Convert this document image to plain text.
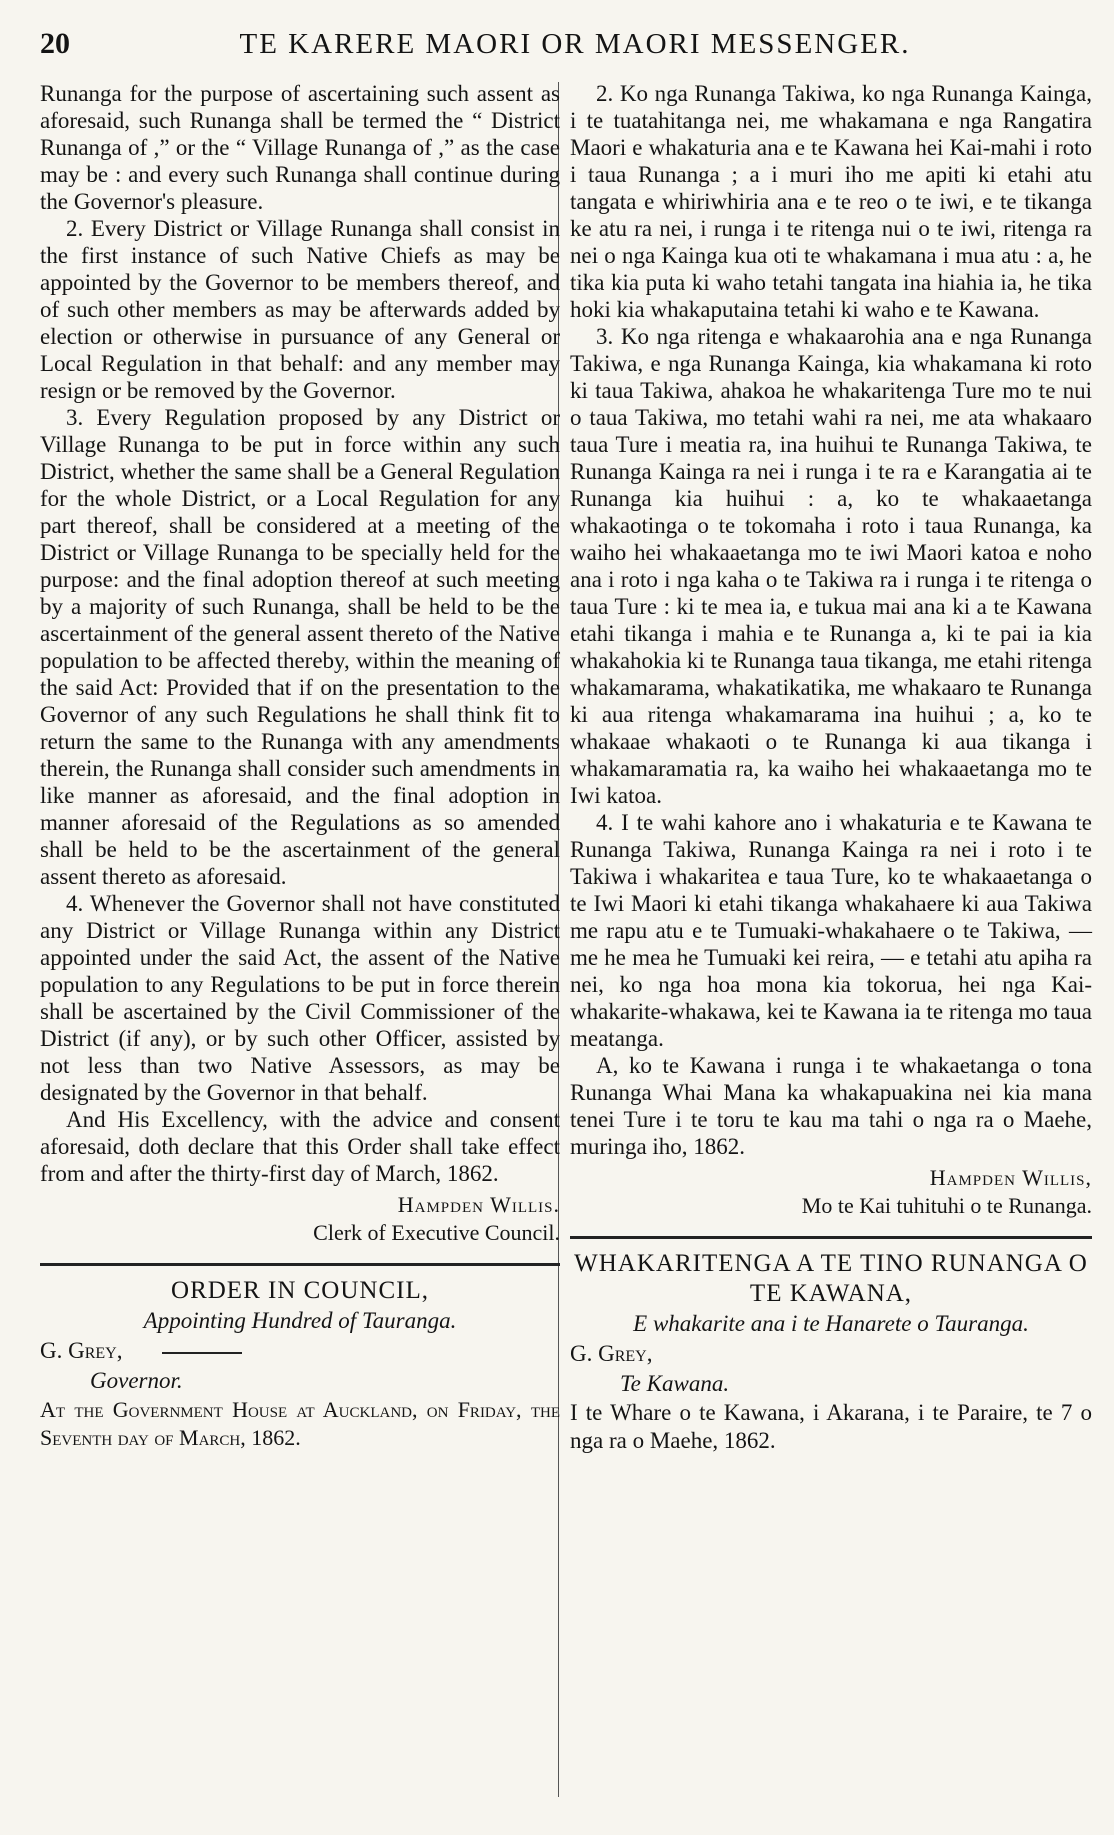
20	TE KARERE MAORI OR MAORI MESSENGER.

Runanga for the purpose of ascertaining such assent as aforesaid, such Runanga shall be termed the “ District Runanga of ,” or the “ Village Runanga of ,” as the case may be : and every such Runanga shall continue during the Governor's pleasure.

2. Every District or Village Runanga shall consist in the first instance of such Native Chiefs as may be appointed by the Governor to be members thereof, and of such other members as may be afterwards added by election or otherwise in pursuance of any General or Local Regulation in that behalf: and any member may resign or be removed by the Governor.

3. Every Regulation proposed by any District or Village Runanga to be put in force within any such District, whether the same shall be a General Regulation for the whole District, or a Local Regulation for any part thereof, shall be considered at a meeting of the District or Village Runanga to be specially held for the purpose: and the final adoption thereof at such meeting by a majority of such Runanga, shall be held to be the ascertainment of the general assent thereto of the Native population to be affected thereby, within the meaning of the said Act: Provided that if on the presentation to the Governor of any such Regulations he shall think fit to return the same to the Runanga with any amendments therein, the Runanga shall consider such amendments in like manner as aforesaid, and the final adoption in manner aforesaid of the Regulations as so amended shall be held to be the ascertainment of the general assent thereto as aforesaid.

4. Whenever the Governor shall not have constituted any District or Village Runanga within any District appointed under the said Act, the assent of the Native population to any Regulations to be put in force therein shall be ascertained by the Civil Commissioner of the District (if any), or by such other Officer, assisted by not less than two Native Assessors, as may be designated by the Governor in that behalf.

And His Excellency, with the advice and consent aforesaid, doth declare that this Order shall take effect from and after the thirty-first day of March, 1862.

Hampden Willis.
Clerk of Executive Council.
ORDER IN COUNCIL,
Appointing Hundred of Tauranga.
G. Grey,
Governor.
At the Government House at Auckland, on Friday, the Seventh day of March, 1862.

2. Ko nga Runanga Takiwa, ko nga Runanga Kainga, i te tuatahitanga nei, me whakamana e nga Rangatira Maori e whakaturia ana e te Kawana hei Kai-mahi i roto i taua Runanga ; a i muri iho me apiti ki etahi atu tangata e whiriwhiria ana e te reo o te iwi, e te tikanga ke atu ra nei, i runga i te ritenga nui o te iwi, ritenga ra nei o nga Kainga kua oti te whakamana i mua atu : a, he tika kia puta ki waho tetahi tangata ina hiahia ia, he tika hoki kia whakaputaina tetahi ki waho e te Kawana.

3. Ko nga ritenga e whakaarohia ana e nga Runanga Takiwa, e nga Runanga Kainga, kia whakamana ki roto ki taua Takiwa, ahakoa he whakaritenga Ture mo te nui o taua Takiwa, mo tetahi wahi ra nei, me ata whakaaro taua Ture i meatia ra, ina huihui te Runanga Takiwa, te Runanga Kainga ra nei i runga i te ra e Karangatia ai te Runanga kia huihui : a, ko te whakaaetanga whakaotinga o te tokomaha i roto i taua Runanga, ka waiho hei whakaaetanga mo te iwi Maori katoa e noho ana i roto i nga kaha o te Takiwa ra i runga i te ritenga o taua Ture : ki te mea ia, e tukua mai ana ki a te Kawana etahi tikanga i mahia e te Runanga a, ki te pai ia kia whakahokia ki te Runanga taua tikanga, me etahi ritenga whakamarama, whakatikatika, me whakaaro te Runanga ki aua ritenga whakamarama ina huihui ; a, ko te whakaae whakaoti o te Runanga ki aua tikanga i whakamaramatia ra, ka waiho hei whakaaetanga mo te Iwi katoa.

4. I te wahi kahore ano i whakaturia e te Kawana te Runanga Takiwa, Runanga Kainga ra nei i roto i te Takiwa i whakaritea e taua Ture, ko te whakaaetanga o te Iwi Maori ki etahi tikanga whakahaere ki aua Takiwa me rapu atu e te Tumuaki-whakahaere o te Takiwa, — me he mea he Tumuaki kei reira, — e tetahi atu apiha ra nei, ko nga hoa mona kia tokorua, hei nga Kai-whakarite-whakawa, kei te Kawana ia te ritenga mo taua meatanga.

A, ko te Kawana i runga i te whakaetanga o tona Runanga Whai Mana ka whakapuakina nei kia mana tenei Ture i te toru te kau ma tahi o nga ra o Maehe, muringa iho, 1862.

Hampden Willis,
Mo te Kai tuhituhi o te Runanga.
WHAKARITENGA A TE TINO RUNANGA O TE KAWANA,
E whakarite ana i te Hanarete o Tauranga.
G. Grey,
Te Kawana.
I te Whare o te Kawana, i Akarana, i te Paraire, te 7 o nga ra o Maehe, 1862.
